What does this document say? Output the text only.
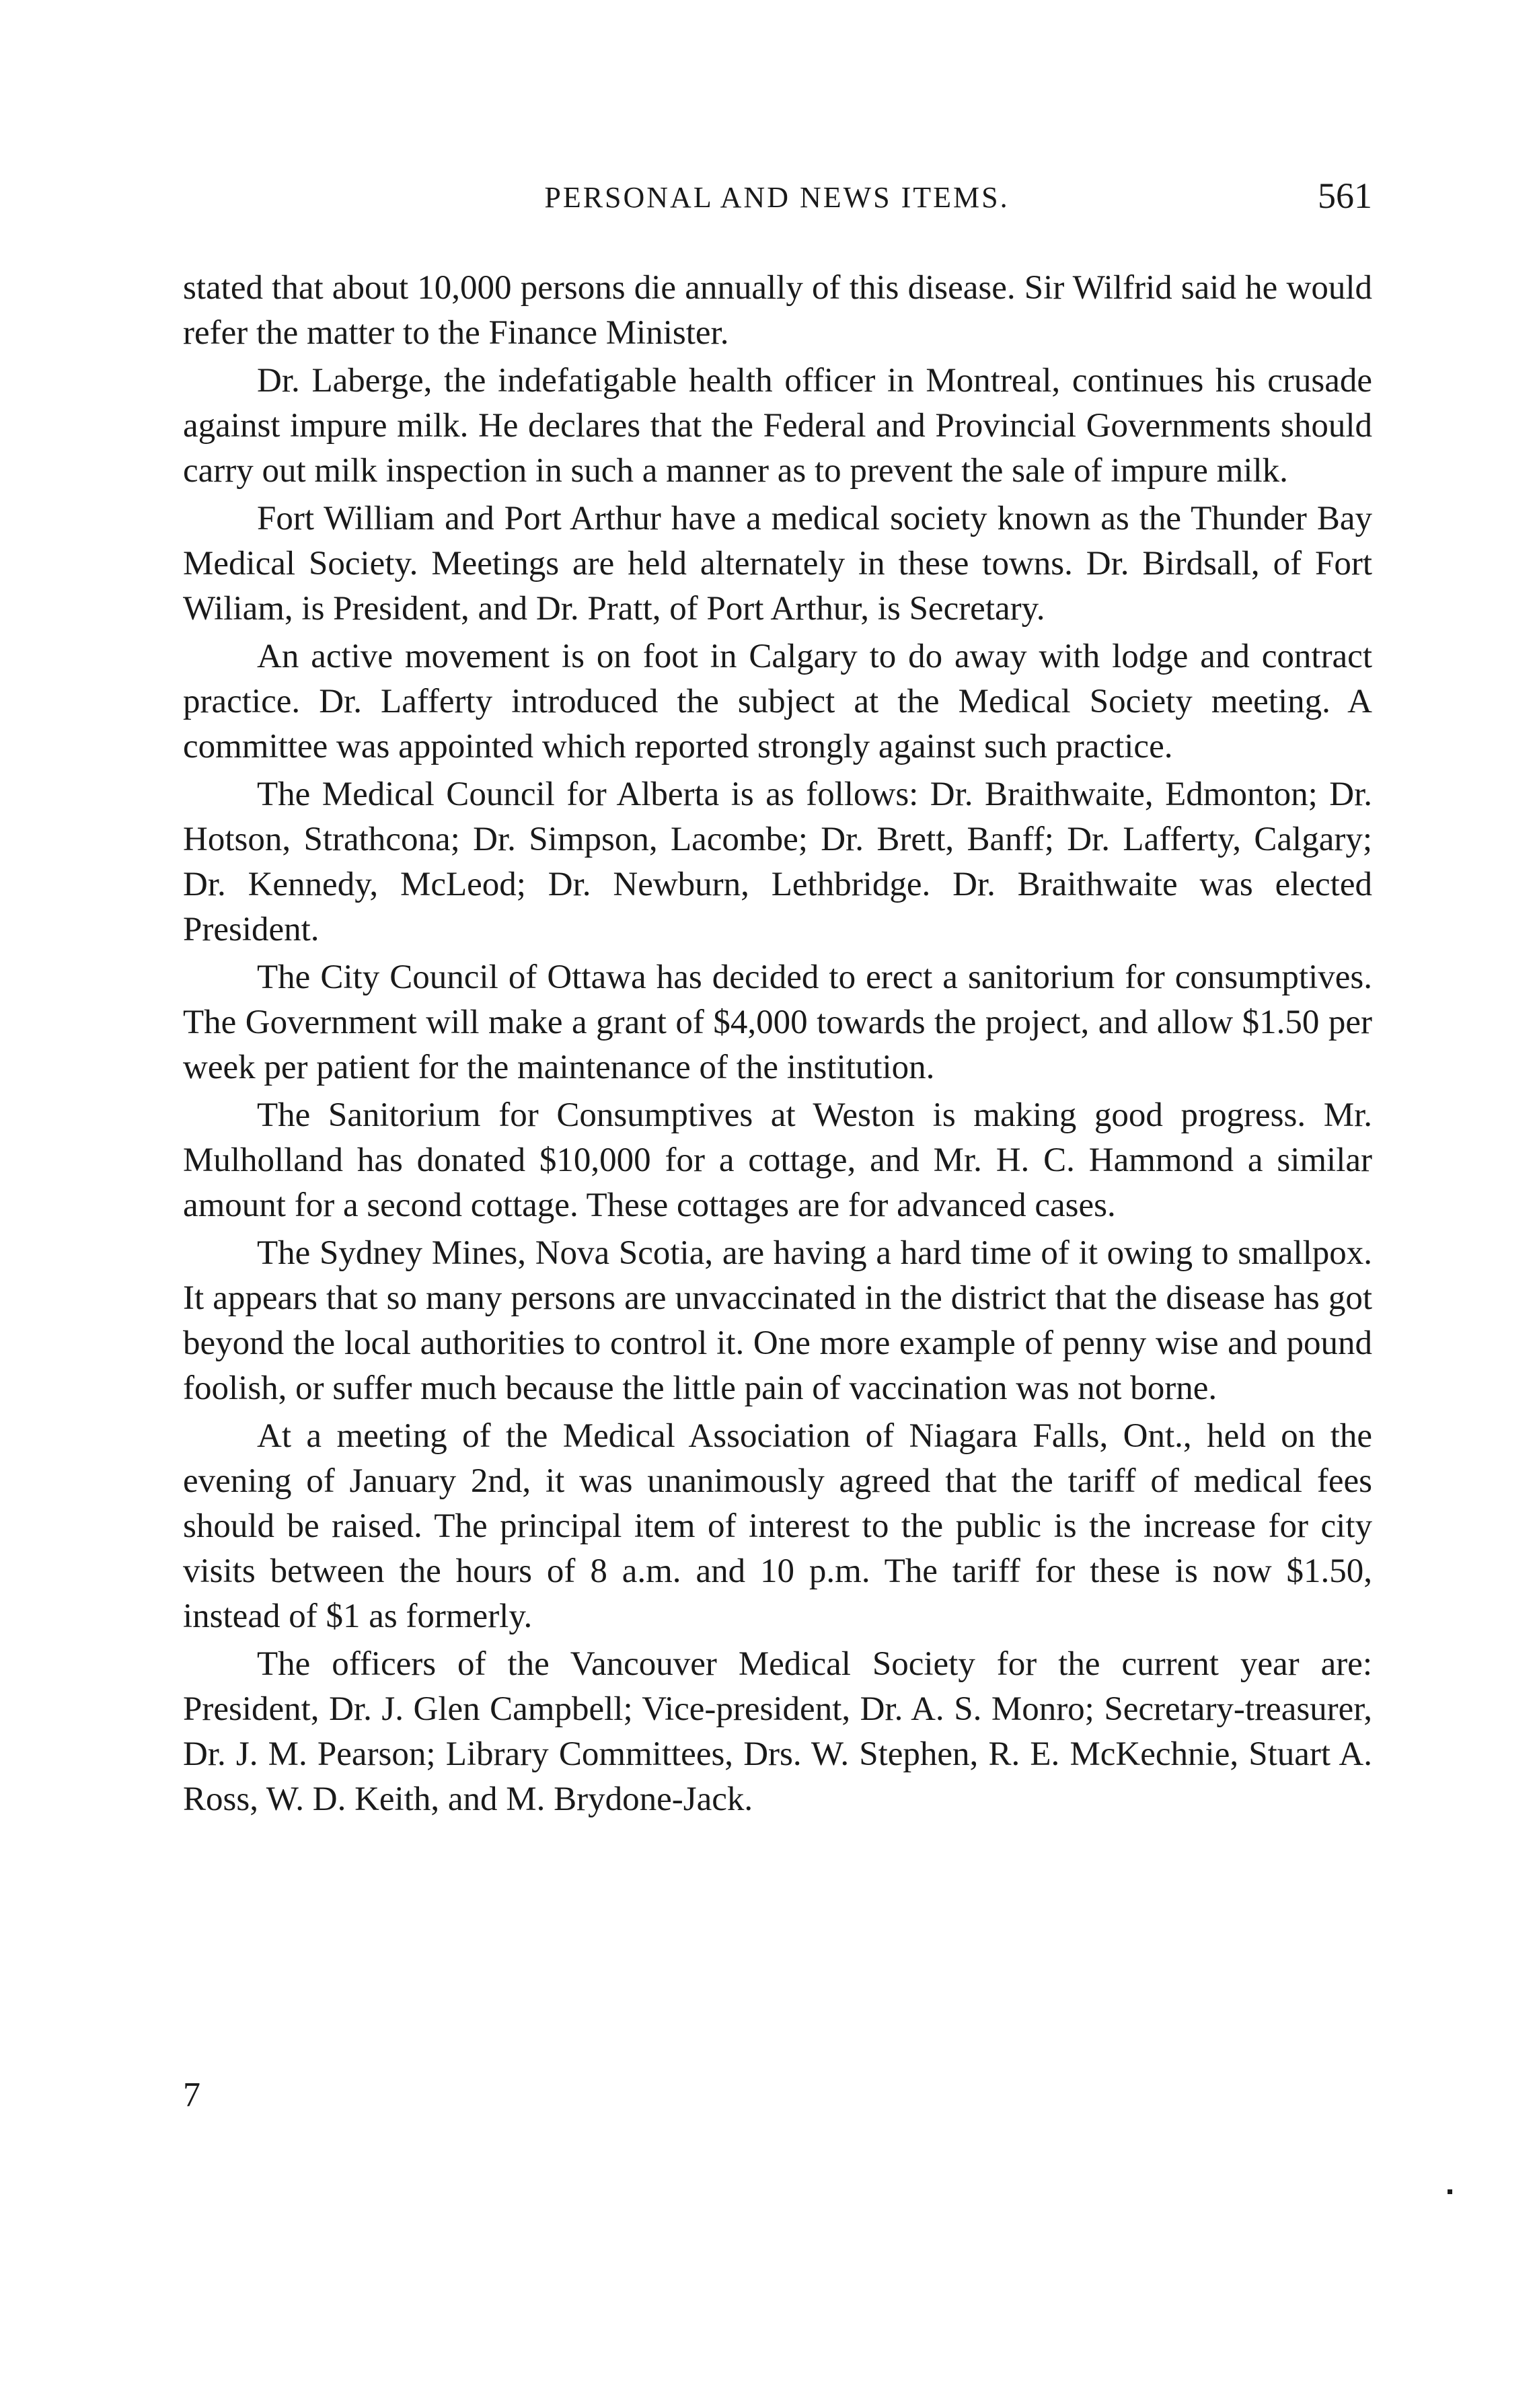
PERSONAL AND NEWS ITEMS.	561

stated that about 10,000 persons die annually of this disease. Sir Wilfrid said he would refer the matter to the Finance Minister.

Dr. Laberge, the indefatigable health officer in Montreal, continues his crusade against impure milk. He declares that the Federal and Provincial Governments should carry out milk inspection in such a manner as to prevent the sale of impure milk.

Fort William and Port Arthur have a medical society known as the Thunder Bay Medical Society. Meetings are held alternately in these towns. Dr. Birdsall, of Fort Wiliam, is President, and Dr. Pratt, of Port Arthur, is Secretary.

An active movement is on foot in Calgary to do away with lodge and contract practice. Dr. Lafferty introduced the subject at the Medical Society meeting. A committee was appointed which reported strongly against such practice.

The Medical Council for Alberta is as follows: Dr. Braithwaite, Edmonton; Dr. Hotson, Strathcona; Dr. Simpson, Lacombe; Dr. Brett, Banff; Dr. Lafferty, Calgary; Dr. Kennedy, McLeod; Dr. Newburn, Lethbridge. Dr. Braithwaite was elected President.

The City Council of Ottawa has decided to erect a sanitorium for consumptives. The Government will make a grant of $4,000 towards the project, and allow $1.50 per week per patient for the maintenance of the institution.

The Sanitorium for Consumptives at Weston is making good progress. Mr. Mulholland has donated $10,000 for a cottage, and Mr. H. C. Hammond a similar amount for a second cottage. These cottages are for advanced cases.

The Sydney Mines, Nova Scotia, are having a hard time of it owing to smallpox. It appears that so many persons are unvaccinated in the district that the disease has got beyond the local authorities to control it. One more example of penny wise and pound foolish, or suffer much because the little pain of vaccination was not borne.

At a meeting of the Medical Association of Niagara Falls, Ont., held on the evening of January 2nd, it was unanimously agreed that the tariff of medical fees should be raised. The principal item of interest to the public is the increase for city visits between the hours of 8 a.m. and 10 p.m. The tariff for these is now $1.50, instead of $1 as formerly.

The officers of the Vancouver Medical Society for the current year are: President, Dr. J. Glen Campbell; Vice-president, Dr. A. S. Monro; Secretary-treasurer, Dr. J. M. Pearson; Library Committees, Drs. W. Stephen, R. E. McKechnie, Stuart A. Ross, W. D. Keith, and M. Brydone-Jack.

7
